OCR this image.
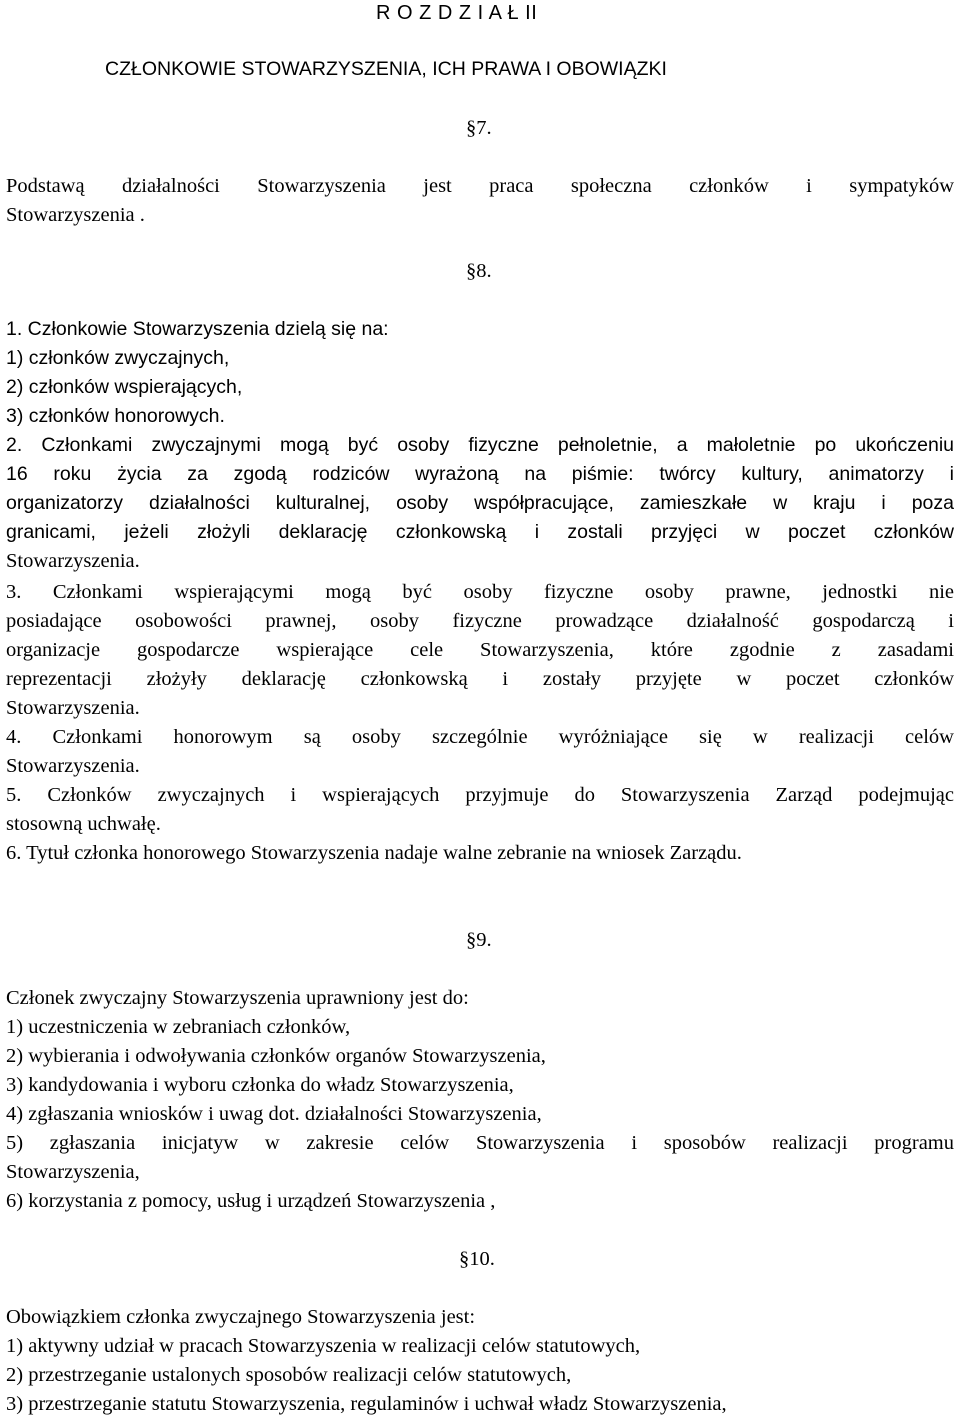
R O Z D Z I A Ł II

CZŁONKOWIE STOWARZYSZENIA, ICH PRAWA I OBOWIĄZKI

§7.

Podstawą działalności Stowarzyszenia jest praca społeczna członków i sympatyków

Stowarzyszenia .

§8.

1. Członkowie Stowarzyszenia dzielą się na:

1) członków zwyczajnych,

2) członków wspierających,

3) członków honorowych.

2. Członkami zwyczajnymi mogą być osoby fizyczne pełnoletnie, a małoletnie po ukończeniu

16 roku życia za zgodą rodziców wyrażoną na piśmie: twórcy kultury, animatorzy i

organizatorzy działalności kulturalnej, osoby współpracujące, zamieszkałe w kraju i poza

granicami, jeżeli złożyli deklarację członkowską i zostali przyjęci w poczet członków

Stowarzyszenia.

3. Członkami wspierającymi mogą być osoby fizyczne osoby prawne, jednostki nie

posiadające osobowości prawnej, osoby fizyczne prowadzące działalność gospodarczą i

organizacje gospodarcze wspierające cele Stowarzyszenia, które zgodnie z zasadami

reprezentacji złożyły deklarację członkowską i zostały przyjęte w poczet członków

Stowarzyszenia.

4. Członkami honorowym są osoby szczególnie wyróżniające się w realizacji celów

Stowarzyszenia.

5. Członków zwyczajnych i wspierających przyjmuje do Stowarzyszenia Zarząd podejmując

stosowną uchwałę.

6. Tytuł członka honorowego Stowarzyszenia nadaje walne zebranie na wniosek Zarządu.

§9.

Członek zwyczajny Stowarzyszenia uprawniony jest do:

1) uczestniczenia w zebraniach członków,

2) wybierania i odwoływania członków organów Stowarzyszenia,

3) kandydowania i wyboru członka do władz Stowarzyszenia,

4) zgłaszania wniosków i uwag dot. działalności Stowarzyszenia,

5) zgłaszania inicjatyw w zakresie celów Stowarzyszenia i sposobów realizacji programu

Stowarzyszenia,

6) korzystania z pomocy, usług i urządzeń Stowarzyszenia ,

§10.

Obowiązkiem członka zwyczajnego Stowarzyszenia jest:

1) aktywny udział w pracach Stowarzyszenia w realizacji celów statutowych,

2) przestrzeganie ustalonych sposobów realizacji celów statutowych,

3) przestrzeganie statutu Stowarzyszenia, regulaminów i uchwał władz Stowarzyszenia,
